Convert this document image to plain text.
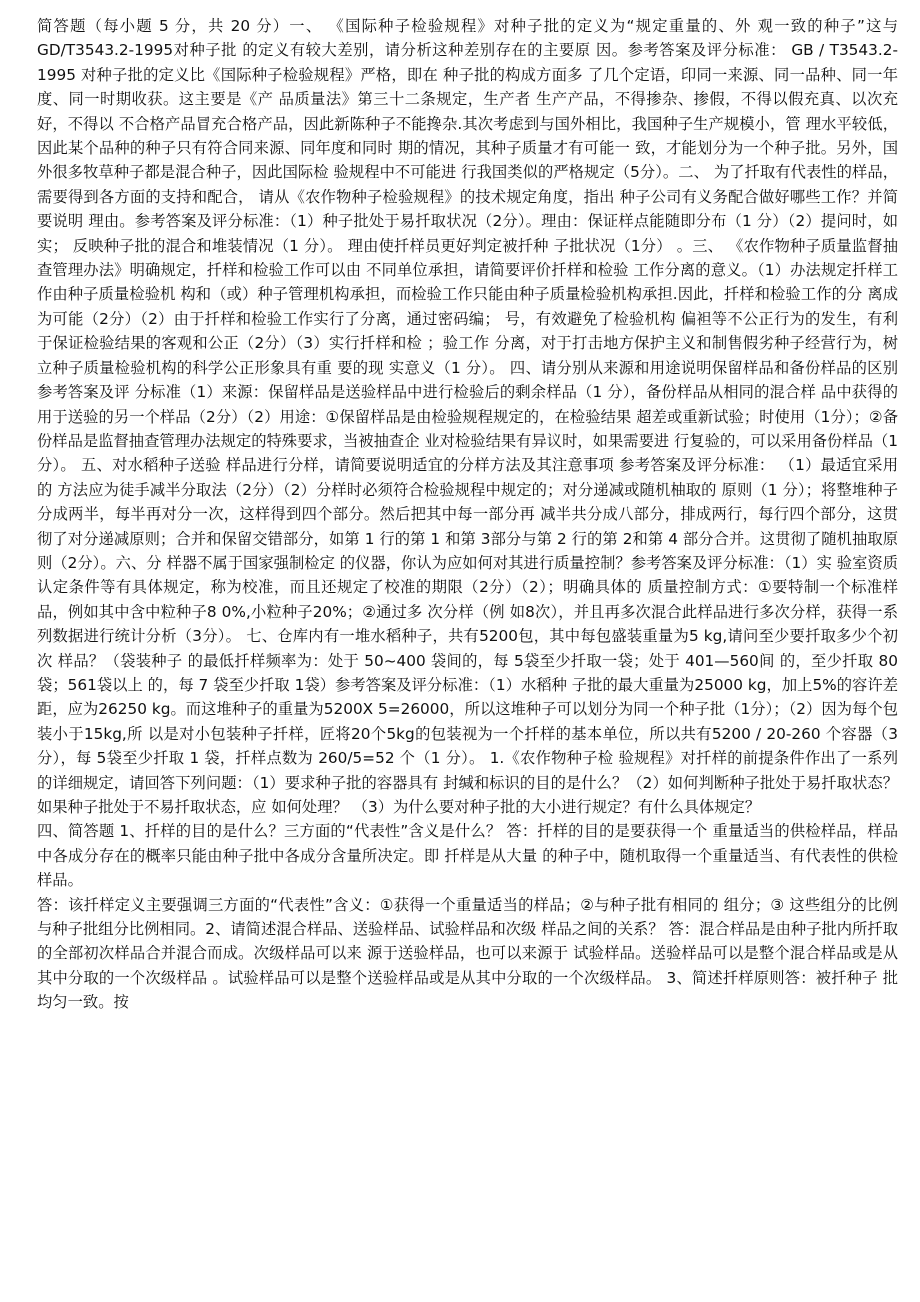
简答题（每小题 5 分，共 20 分）一、 《国际种子检验规程》对种子批的定义为“规定重量的、外 观一致的种子”这与GD/T3543.2-1995对种子批 的定义有较大差别，请分析这种差别存在的主要原 因。参考答案及评分标准： GB / T3543.2-1995 对种子批的定义比《国际种子检验规程》严格，即在 种子批的构成方面多 了几个定语，印同一来源、同一品种、同一年度、同一时期收获。这主要是《产 品质量法》第三十二条规定，生产者 生产产品，不得掺杂、掺假，不得以假充真、以次充好，不得以 不合格产品冒充合格产品，因此新陈种子不能搀杂.其次考虑到与国外相比，我国种子生产规模小，管 理水平较低，因此某个品种的种子只有符合同来源、同年度和同时 期的情况，其种子质量才有可能一 致，才能划分为一个种子批。另外，国外很多牧草种子都是混合种子，因此国际检 验规程中不可能进 行我国类似的严格规定（5分）。二、 为了扦取有代表性的样品，需要得到各方面的支持和配合， 请从《农作物种子检验规程》的技术规定角度，指出 种子公司有义务配合做好哪些工作？并简要说明 理由。参考答案及评分标准：（1）种子批处于易扦取状况（2分）。理由：保证样点能随即分布（1 分）（2）提问时，如实； 反映种子批的混合和堆装情况（1 分）。 理由使扦样员更好判定被扦种 子批状况（1分） 。三、 《农作物种子质量监督抽查管理办法》明确规定，扦样和检验工作可以由 不同单位承担，请简要评价扦样和检验 工作分离的意义。（1）办法规定扦样工作由种子质量检验机 构和（或）种子管理机构承担，而检验工作只能由种子质量检验机构承担.因此，扦样和检验工作的分 离成为可能（2分）（2）由于扦样和检验工作实行了分离，通过密码编； 号，有效避免了检验机构 偏袒等不公正行为的发生，有利于保证检验结果的客观和公正（2分）（3）实行扦样和检 ；验工作 分离，对于打击地方保护主义和制售假劣种子经营行为，树立种子质量检验机构的科学公正形象具有重 要的现 实意义（1 分）。 四、请分别从来源和用途说明保留样品和备份样品的区别 参考答案及评 分标准（1）来源：保留样品是送验样品中进行检验后的剩余样品（1 分），备份样品从相同的混合样 品中获得的用于送验的另一个样品（2分）（2）用途：①保留样品是由检验规程规定的，在检验结果 超差或重新试验；时使用（1分）；②备份样品是监督抽查管理办法规定的特殊要求，当被抽查企 业对检验结果有异议时，如果需要进 行复验的，可以采用备份样品（1分）。 五、对水稻种子送验 样品进行分样，请简要说明适宜的分样方法及其注意事项 参考答案及评分标准： （1）最适宜采用的 方法应为徒手减半分取法（2分）（2）分样时必须符合检验规程中规定的；对分递减或随机柚取的 原则（1 分）；将整堆种子分成两半，每半再对分一次，这样得到四个部分。然后把其中每一部分再 减半共分成八部分，排成两行，每行四个部分，这贯彻了对分递减原则；合并和保留交错部分，如第 1 行的第 1 和第 3部分与第 2 行的第 2和第 4 部分合并。这贯彻了随机抽取原则（2分）。六、分 样器不属于国家强制检定 的仪器，你认为应如何对其进行质量控制？参考答案及评分标准：（1）实 验室资质认定条件等有具体规定，称为校准，而且还规定了校准的期限（2分）（2）；明确具体的 质量控制方式：①要特制一个标准样品，例如其中含中粒种子8 0%,小粒种子20%；②通过多 次分样（例 如8次），并且再多次混合此样品进行多次分样，获得一系列数据进行统计分析（3分）。 七、仓库内有一堆水稻种子，共有5200包，其中每包盛装重量为5 kg,请问至少要扦取多少个初次 样品？（袋装种子 的最低扦样频率为：处于 50~400 袋间的，每 5袋至少扦取一袋；处于 401—560间 的，至少扦取 80 袋；561袋以上 的，每 7 袋至少扦取 1袋）参考答案及评分标准：（1）水稻种 子批的最大重量为25000 kg，加上5%的容许差距，应为26250 kg。而这堆种子的重量为5200X 5=26000，所以这堆种子可以划分为同一个种子批（1分）；（2）因为每个包装小于15kg,所 以是对小包装种子扦样，匠将20个5kg的包装视为一个扦样的基本单位，所以共有5200 / 20-260 个容器（3分），每 5袋至少扦取 1 袋，扦样点数为 260/5=52 个（1 分）。 1.《农作物种子检 验规程》对扦样的前提条件作出了一系列的详细规定，请回答下列问题：（1）要求种子批的容器具有 封缄和标识的目的是什么？（2）如何判断种子批处于易扦取状态？如果种子批处于不易扦取状态，应 如何处理？ （3）为什么要对种子批的大小进行规定？有什么具体规定？

四、简答题 1、扦样的目的是什么？三方面的“代表性”含义是什么？ 答：扦样的目的是要获得一个 重量适当的供检样品，样品中各成分存在的概率只能由种子批中各成分含量所决定。即 扦样是从大量 的种子中，随机取得一个重量适当、有代表性的供检样品。

答：该扦样定义主要强调三方面的“代表性”含义：①获得一个重量适当的样品；②与种子批有相同的 组分；③ 这些组分的比例与种子批组分比例相同。2、请简述混合样品、送验样品、试验样品和次级 样品之间的关系？ 答：混合样品是由种子批内所扦取的全部初次样品合并混合而成。次级样品可以来 源于送验样品，也可以来源于 试验样品。送验样品可以是整个混合样品或是从其中分取的一个次级样品 。试验样品可以是整个送验样品或是从其中分取的一个次级样品。 3、简述扦样原则答：被扦种子 批均匀一致。按
